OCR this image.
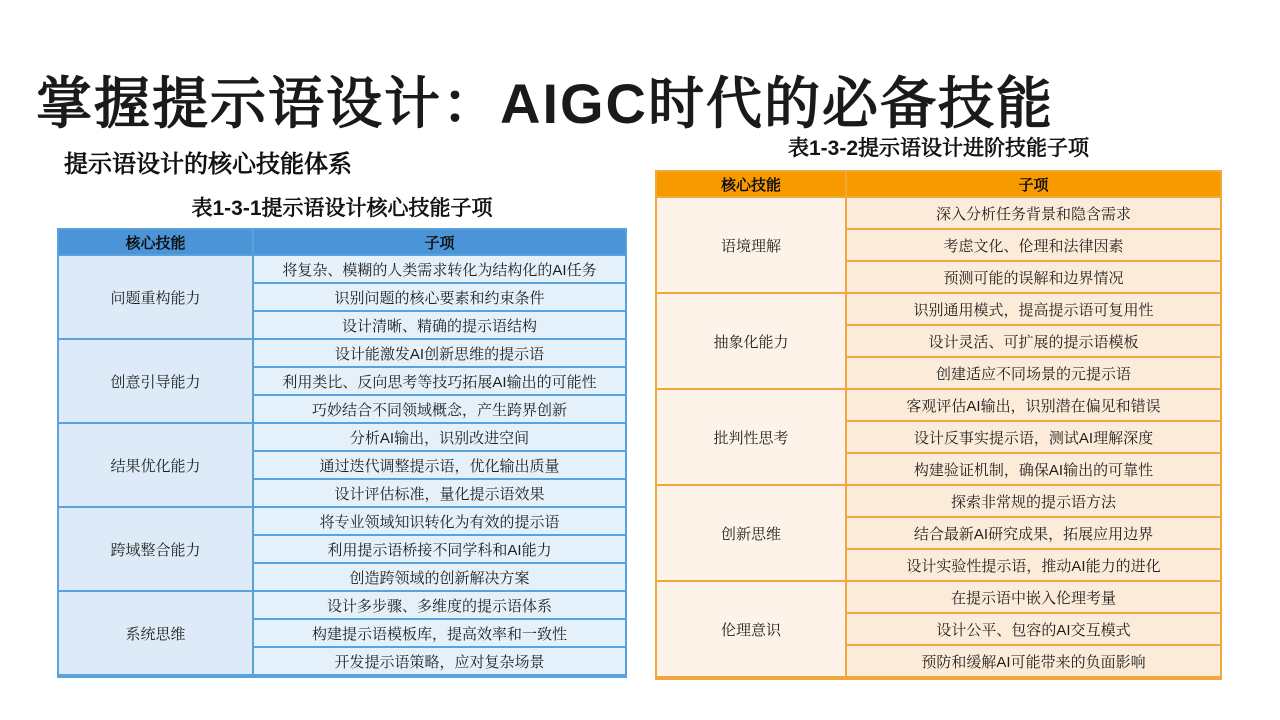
掌握提示语设计：AIGC时代的必备技能
提示语设计的核心技能体系
表1-3-1提示语设计核心技能子项
核心技能	子项
问题重构能力	将复杂、模糊的人类需求转化为结构化的AI任务
	识别问题的核心要素和约束条件
	设计清晰、精确的提示语结构
创意引导能力	设计能激发AI创新思维的提示语
	利用类比、反向思考等技巧拓展AI输出的可能性
	巧妙结合不同领域概念，产生跨界创新
结果优化能力	分析AI输出，识别改进空间
	通过迭代调整提示语，优化输出质量
	设计评估标准，量化提示语效果
跨域整合能力	将专业领域知识转化为有效的提示语
	利用提示语桥接不同学科和AI能力
	创造跨领域的创新解决方案
系统思维	设计多步骤、多维度的提示语体系
	构建提示语模板库，提高效率和一致性
	开发提示语策略，应对复杂场景
表1-3-2提示语设计进阶技能子项
核心技能	子项
语境理解	深入分析任务背景和隐含需求
	考虑文化、伦理和法律因素
	预测可能的误解和边界情况
抽象化能力	识别通用模式，提高提示语可复用性
	设计灵活、可扩展的提示语模板
	创建适应不同场景的元提示语
批判性思考	客观评估AI输出，识别潜在偏见和错误
	设计反事实提示语，测试AI理解深度
	构建验证机制，确保AI输出的可靠性
创新思维	探索非常规的提示语方法
	结合最新AI研究成果，拓展应用边界
	设计实验性提示语，推动AI能力的进化
伦理意识	在提示语中嵌入伦理考量
	设计公平、包容的AI交互模式
	预防和缓解AI可能带来的负面影响
